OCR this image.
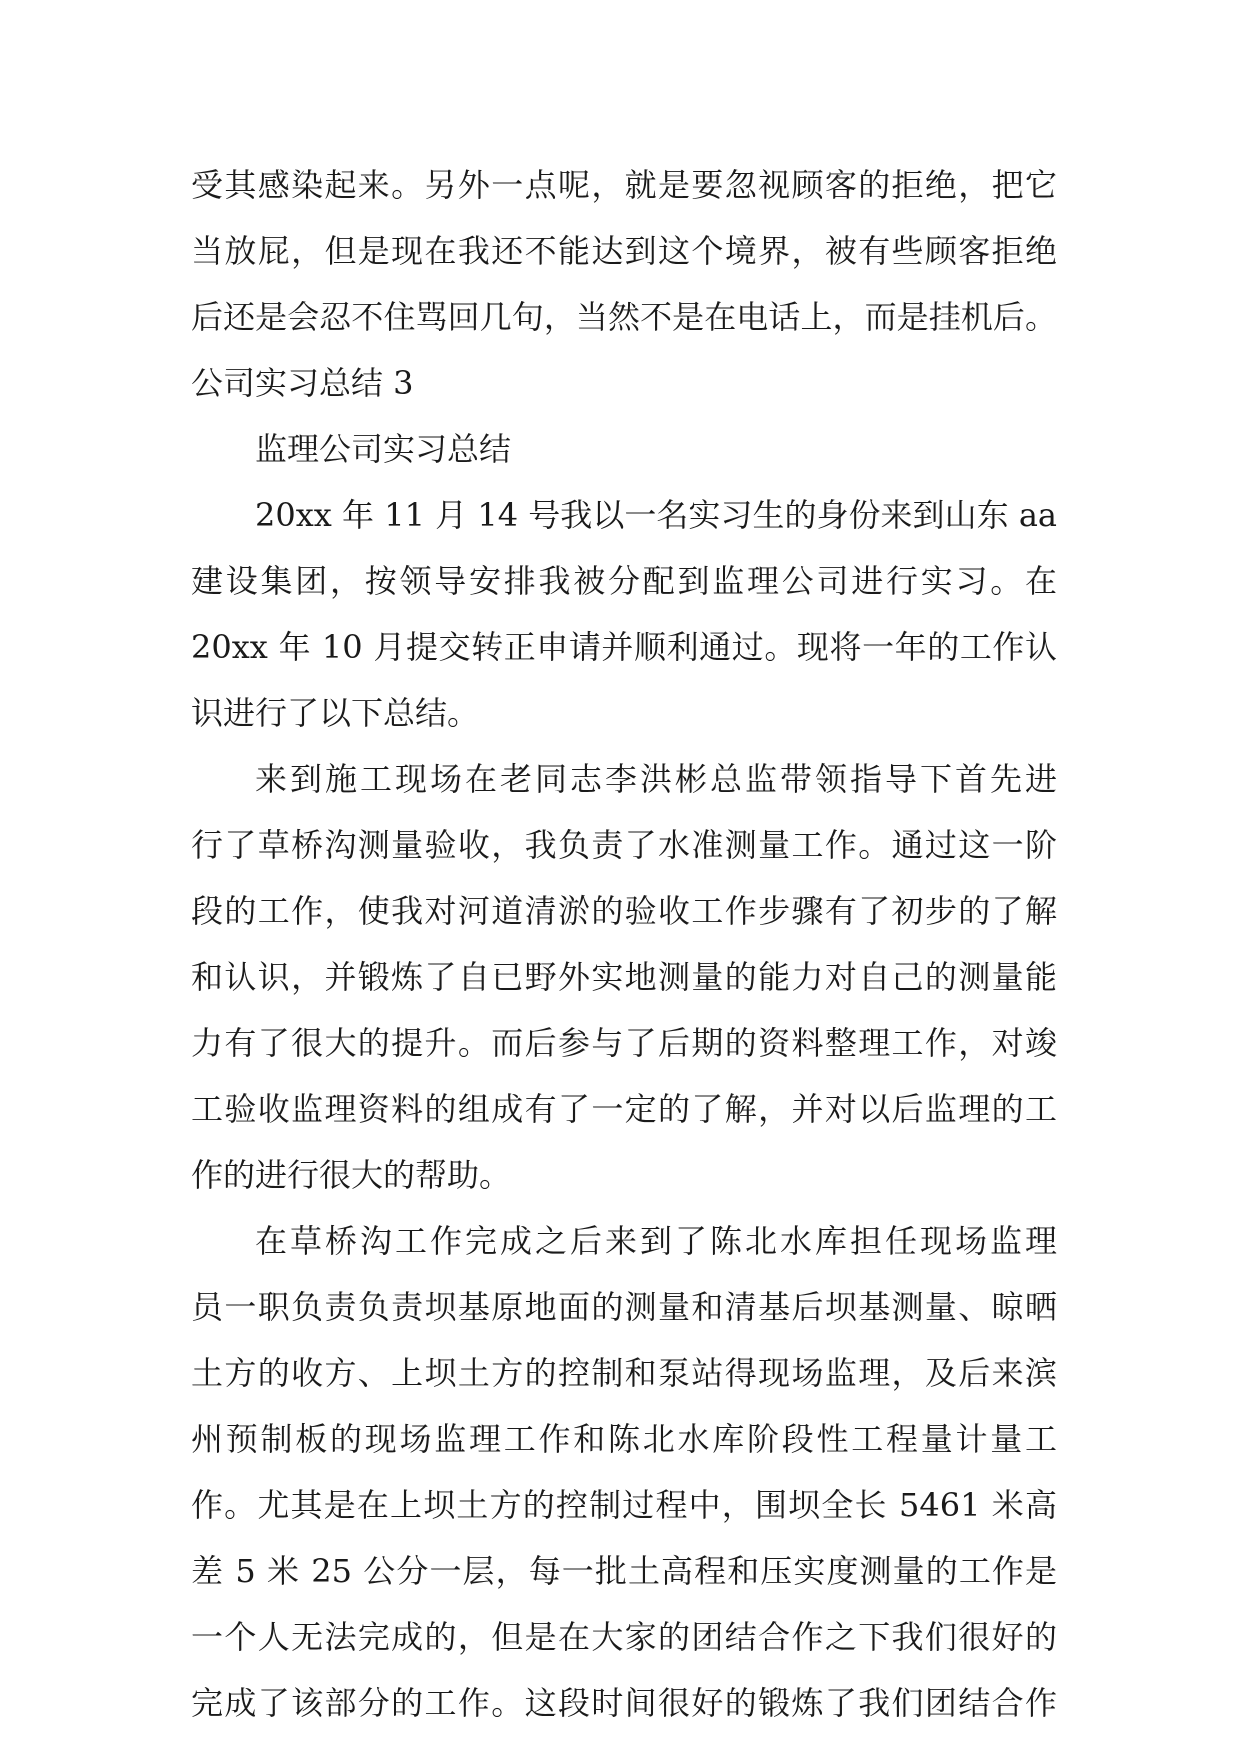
受其感染起来。另外一点呢，就是要忽视顾客的拒绝，把它
当放屁，但是现在我还不能达到这个境界，被有些顾客拒绝
后还是会忍不住骂回几句，当然不是在电话上，而是挂机后。
公司实习总结 3
监理公司实习总结
20xx 年 11 月 14 号我以一名实习生的身份来到山东 aa
建设集团，按领导安排我被分配到监理公司进行实习。在
20xx 年 10 月提交转正申请并顺利通过。现将一年的工作认
识进行了以下总结。
来到施工现场在老同志李洪彬总监带领指导下首先进
行了草桥沟测量验收，我负责了水准测量工作。通过这一阶
段的工作，使我对河道清淤的验收工作步骤有了初步的了解
和认识，并锻炼了自已野外实地测量的能力对自己的测量能
力有了很大的提升。而后参与了后期的资料整理工作，对竣
工验收监理资料的组成有了一定的了解，并对以后监理的工
作的进行很大的帮助。
在草桥沟工作完成之后来到了陈北水库担任现场监理
员一职负责负责坝基原地面的测量和清基后坝基测量、晾晒
土方的收方、上坝土方的控制和泵站得现场监理，及后来滨
州预制板的现场监理工作和陈北水库阶段性工程量计量工
作。尤其是在上坝土方的控制过程中，围坝全长 5461 米高
差 5 米 25 公分一层，每一批土高程和压实度测量的工作是
一个人无法完成的，但是在大家的团结合作之下我们很好的
完成了该部分的工作。这段时间很好的锻炼了我们团结合作
